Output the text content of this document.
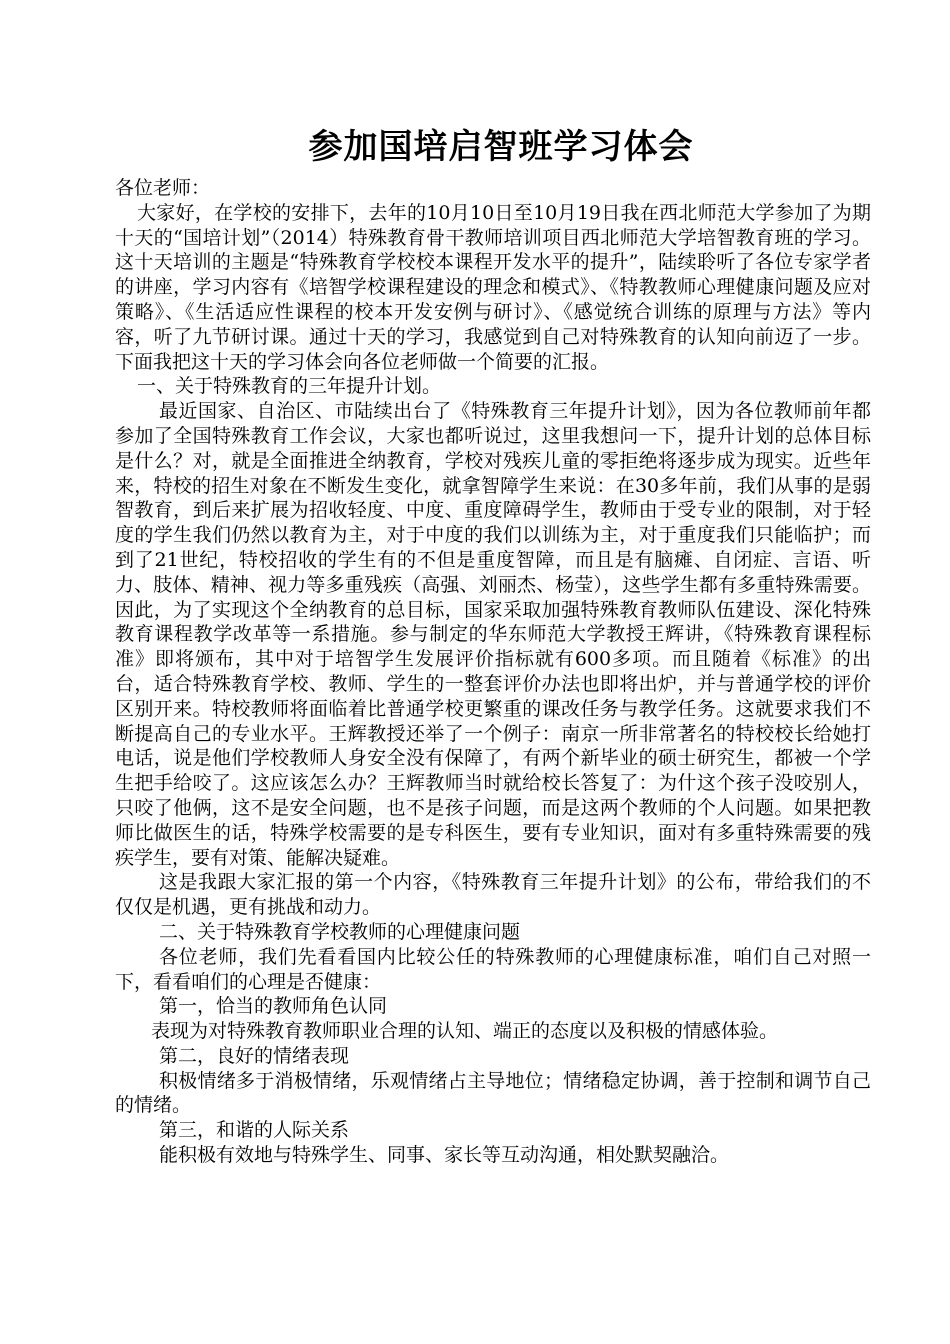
参加国培启智班学习体会

各位老师：

大家好，在学校的安排下，去年的10月10日至10月19日我在西北师范大学参加了为期十天的“国培计划”（2014）特殊教育骨干教师培训项目西北师范大学培智教育班的学习。这十天培训的主题是“特殊教育学校校本课程开发水平的提升”，陆续聆听了各位专家学者的讲座，学习内容有《培智学校课程建设的理念和模式》、《特教教师心理健康问题及应对策略》、《生活适应性课程的校本开发安例与研讨》、《感觉统合训练的原理与方法》等内容，听了九节研讨课。通过十天的学习，我感觉到自己对特殊教育的认知向前迈了一步。下面我把这十天的学习体会向各位老师做一个简要的汇报。

一、关于特殊教育的三年提升计划。

最近国家、自治区、市陆续出台了《特殊教育三年提升计划》，因为各位教师前年都参加了全国特殊教育工作会议，大家也都听说过，这里我想问一下，提升计划的总体目标是什么？对，就是全面推进全纳教育，学校对残疾儿童的零拒绝将逐步成为现实。近些年来，特校的招生对象在不断发生变化，就拿智障学生来说：在30多年前，我们从事的是弱智教育，到后来扩展为招收轻度、中度、重度障碍学生，教师由于受专业的限制，对于轻度的学生我们仍然以教育为主，对于中度的我们以训练为主，对于重度我们只能临护；而到了21世纪，特校招收的学生有的不但是重度智障，而且是有脑瘫、自闭症、言语、听力、肢体、精神、视力等多重残疾（高强、刘丽杰、杨莹），这些学生都有多重特殊需要。因此，为了实现这个全纳教育的总目标，国家采取加强特殊教育教师队伍建设、深化特殊教育课程教学改革等一系措施。参与制定的华东师范大学教授王辉讲，《特殊教育课程标准》即将颁布，其中对于培智学生发展评价指标就有600多项。而且随着《标准》的出台，适合特殊教育学校、教师、学生的一整套评价办法也即将出炉，并与普通学校的评价区别开来。特校教师将面临着比普通学校更繁重的课改任务与教学任务。这就要求我们不断提高自己的专业水平。王辉教授还举了一个例子：南京一所非常著名的特校校长给她打电话，说是他们学校教师人身安全没有保障了，有两个新毕业的硕士研究生，都被一个学生把手给咬了。这应该怎么办？王辉教师当时就给校长答复了：为什这个孩子没咬别人，只咬了他俩，这不是安全问题，也不是孩子问题，而是这两个教师的个人问题。如果把教师比做医生的话，特殊学校需要的是专科医生，要有专业知识，面对有多重特殊需要的残疾学生，要有对策、能解决疑难。

这是我跟大家汇报的第一个内容，《特殊教育三年提升计划》的公布，带给我们的不仅仅是机遇，更有挑战和动力。

二、关于特殊教育学校教师的心理健康问题

各位老师，我们先看看国内比较公任的特殊教师的心理健康标准，咱们自己对照一下，看看咱们的心理是否健康：

第一，恰当的教师角色认同

表现为对特殊教育教师职业合理的认知、端正的态度以及积极的情感体验。

第二，良好的情绪表现

积极情绪多于消极情绪，乐观情绪占主导地位；情绪稳定协调，善于控制和调节自己的情绪。

第三，和谐的人际关系

能积极有效地与特殊学生、同事、家长等互动沟通，相处默契融洽。
